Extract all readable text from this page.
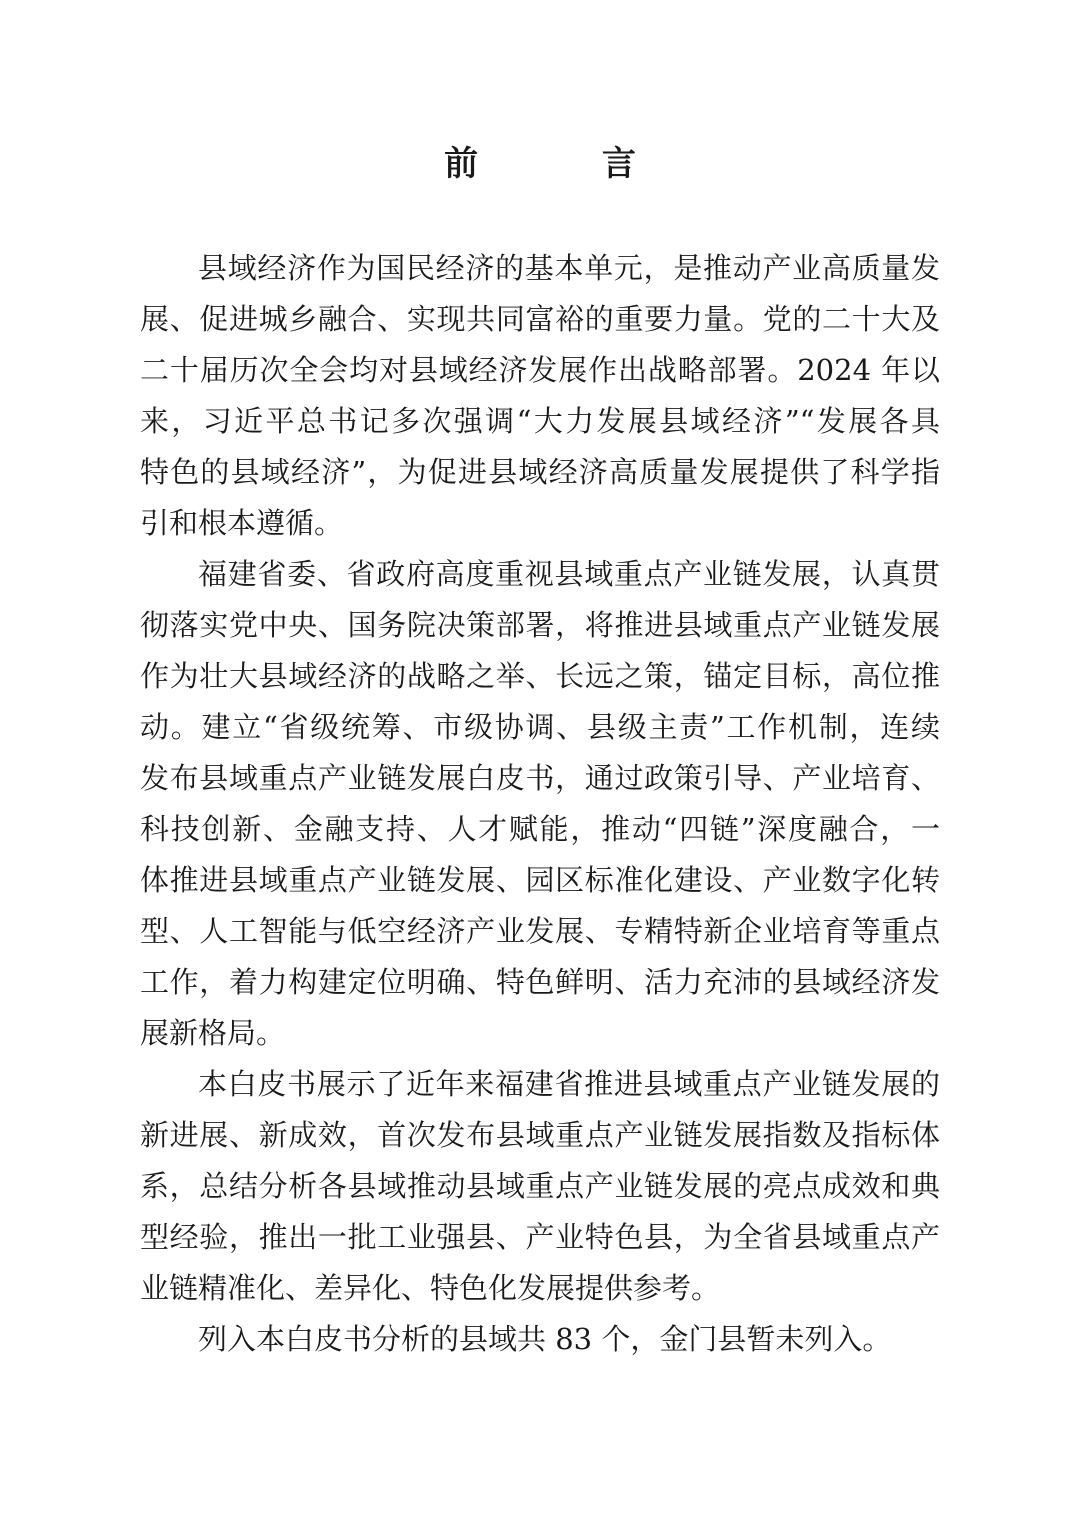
前 言
县域经济作为国民经济的基本单元，是推动产业高质量发
展、促进城乡融合、实现共同富裕的重要力量。党的二十大及
二十届历次全会均对县域经济发展作出战略部署。2024 年以
来，习近平总书记多次强调“大力发展县域经济”“发展各具
特色的县域经济”，为促进县域经济高质量发展提供了科学指
引和根本遵循。
福建省委、省政府高度重视县域重点产业链发展，认真贯
彻落实党中央、国务院决策部署，将推进县域重点产业链发展
作为壮大县域经济的战略之举、长远之策，锚定目标，高位推
动。建立“省级统筹、市级协调、县级主责”工作机制，连续
发布县域重点产业链发展白皮书，通过政策引导、产业培育、
科技创新、金融支持、人才赋能，推动“四链”深度融合，一
体推进县域重点产业链发展、园区标准化建设、产业数字化转
型、人工智能与低空经济产业发展、专精特新企业培育等重点
工作，着力构建定位明确、特色鲜明、活力充沛的县域经济发
展新格局。
本白皮书展示了近年来福建省推进县域重点产业链发展的
新进展、新成效，首次发布县域重点产业链发展指数及指标体
系，总结分析各县域推动县域重点产业链发展的亮点成效和典
型经验，推出一批工业强县、产业特色县，为全省县域重点产
业链精准化、差异化、特色化发展提供参考。
列入本白皮书分析的县域共 83 个，金门县暂未列入。
